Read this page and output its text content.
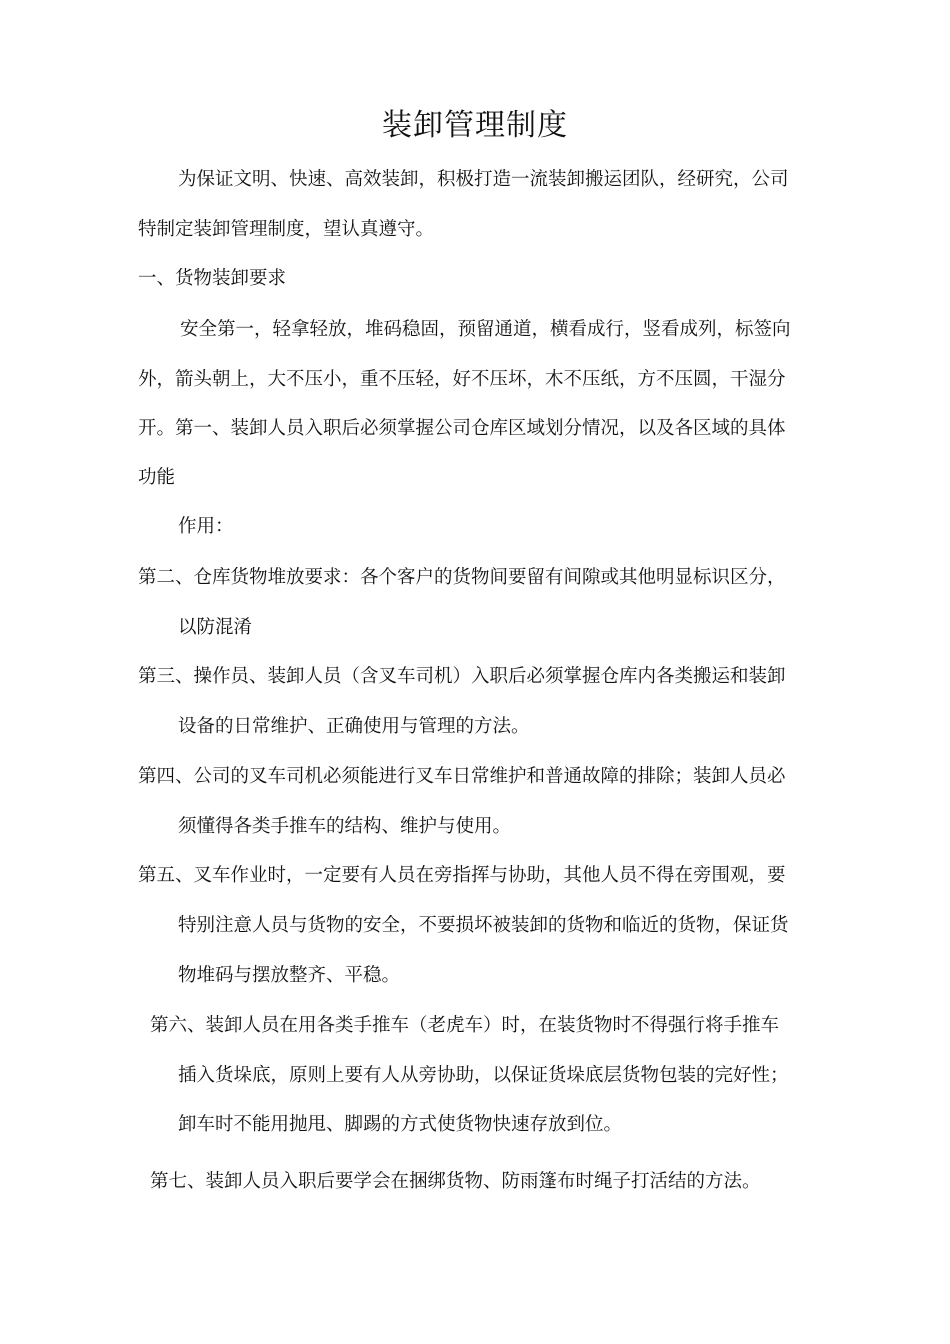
装卸管理制度
为保证文明、快速、高效装卸，积极打造一流装卸搬运团队，经研究，公司
特制定装卸管理制度，望认真遵守。
一、货物装卸要求
安全第一，轻拿轻放，堆码稳固，预留通道，横看成行，竖看成列，标签向
外，箭头朝上，大不压小，重不压轻，好不压坏，木不压纸，方不压圆，干湿分
开。第一、装卸人员入职后必须掌握公司仓库区域划分情况，以及各区域的具体
功能
作用：
第二、仓库货物堆放要求：各个客户的货物间要留有间隙或其他明显标识区分，
以防混淆
第三、操作员、装卸人员（含叉车司机）入职后必须掌握仓库内各类搬运和装卸
设备的日常维护、正确使用与管理的方法。
第四、公司的叉车司机必须能进行叉车日常维护和普通故障的排除；装卸人员必
须懂得各类手推车的结构、维护与使用。
第五、叉车作业时，一定要有人员在旁指挥与协助，其他人员不得在旁围观，要
特别注意人员与货物的安全，不要损坏被装卸的货物和临近的货物，保证货
物堆码与摆放整齐、平稳。
第六、装卸人员在用各类手推车（老虎车）时，在装货物时不得强行将手推车
插入货垛底，原则上要有人从旁协助，以保证货垛底层货物包装的完好性；
卸车时不能用抛甩、脚踢的方式使货物快速存放到位。
第七、装卸人员入职后要学会在捆绑货物、防雨篷布时绳子打活结的方法。
